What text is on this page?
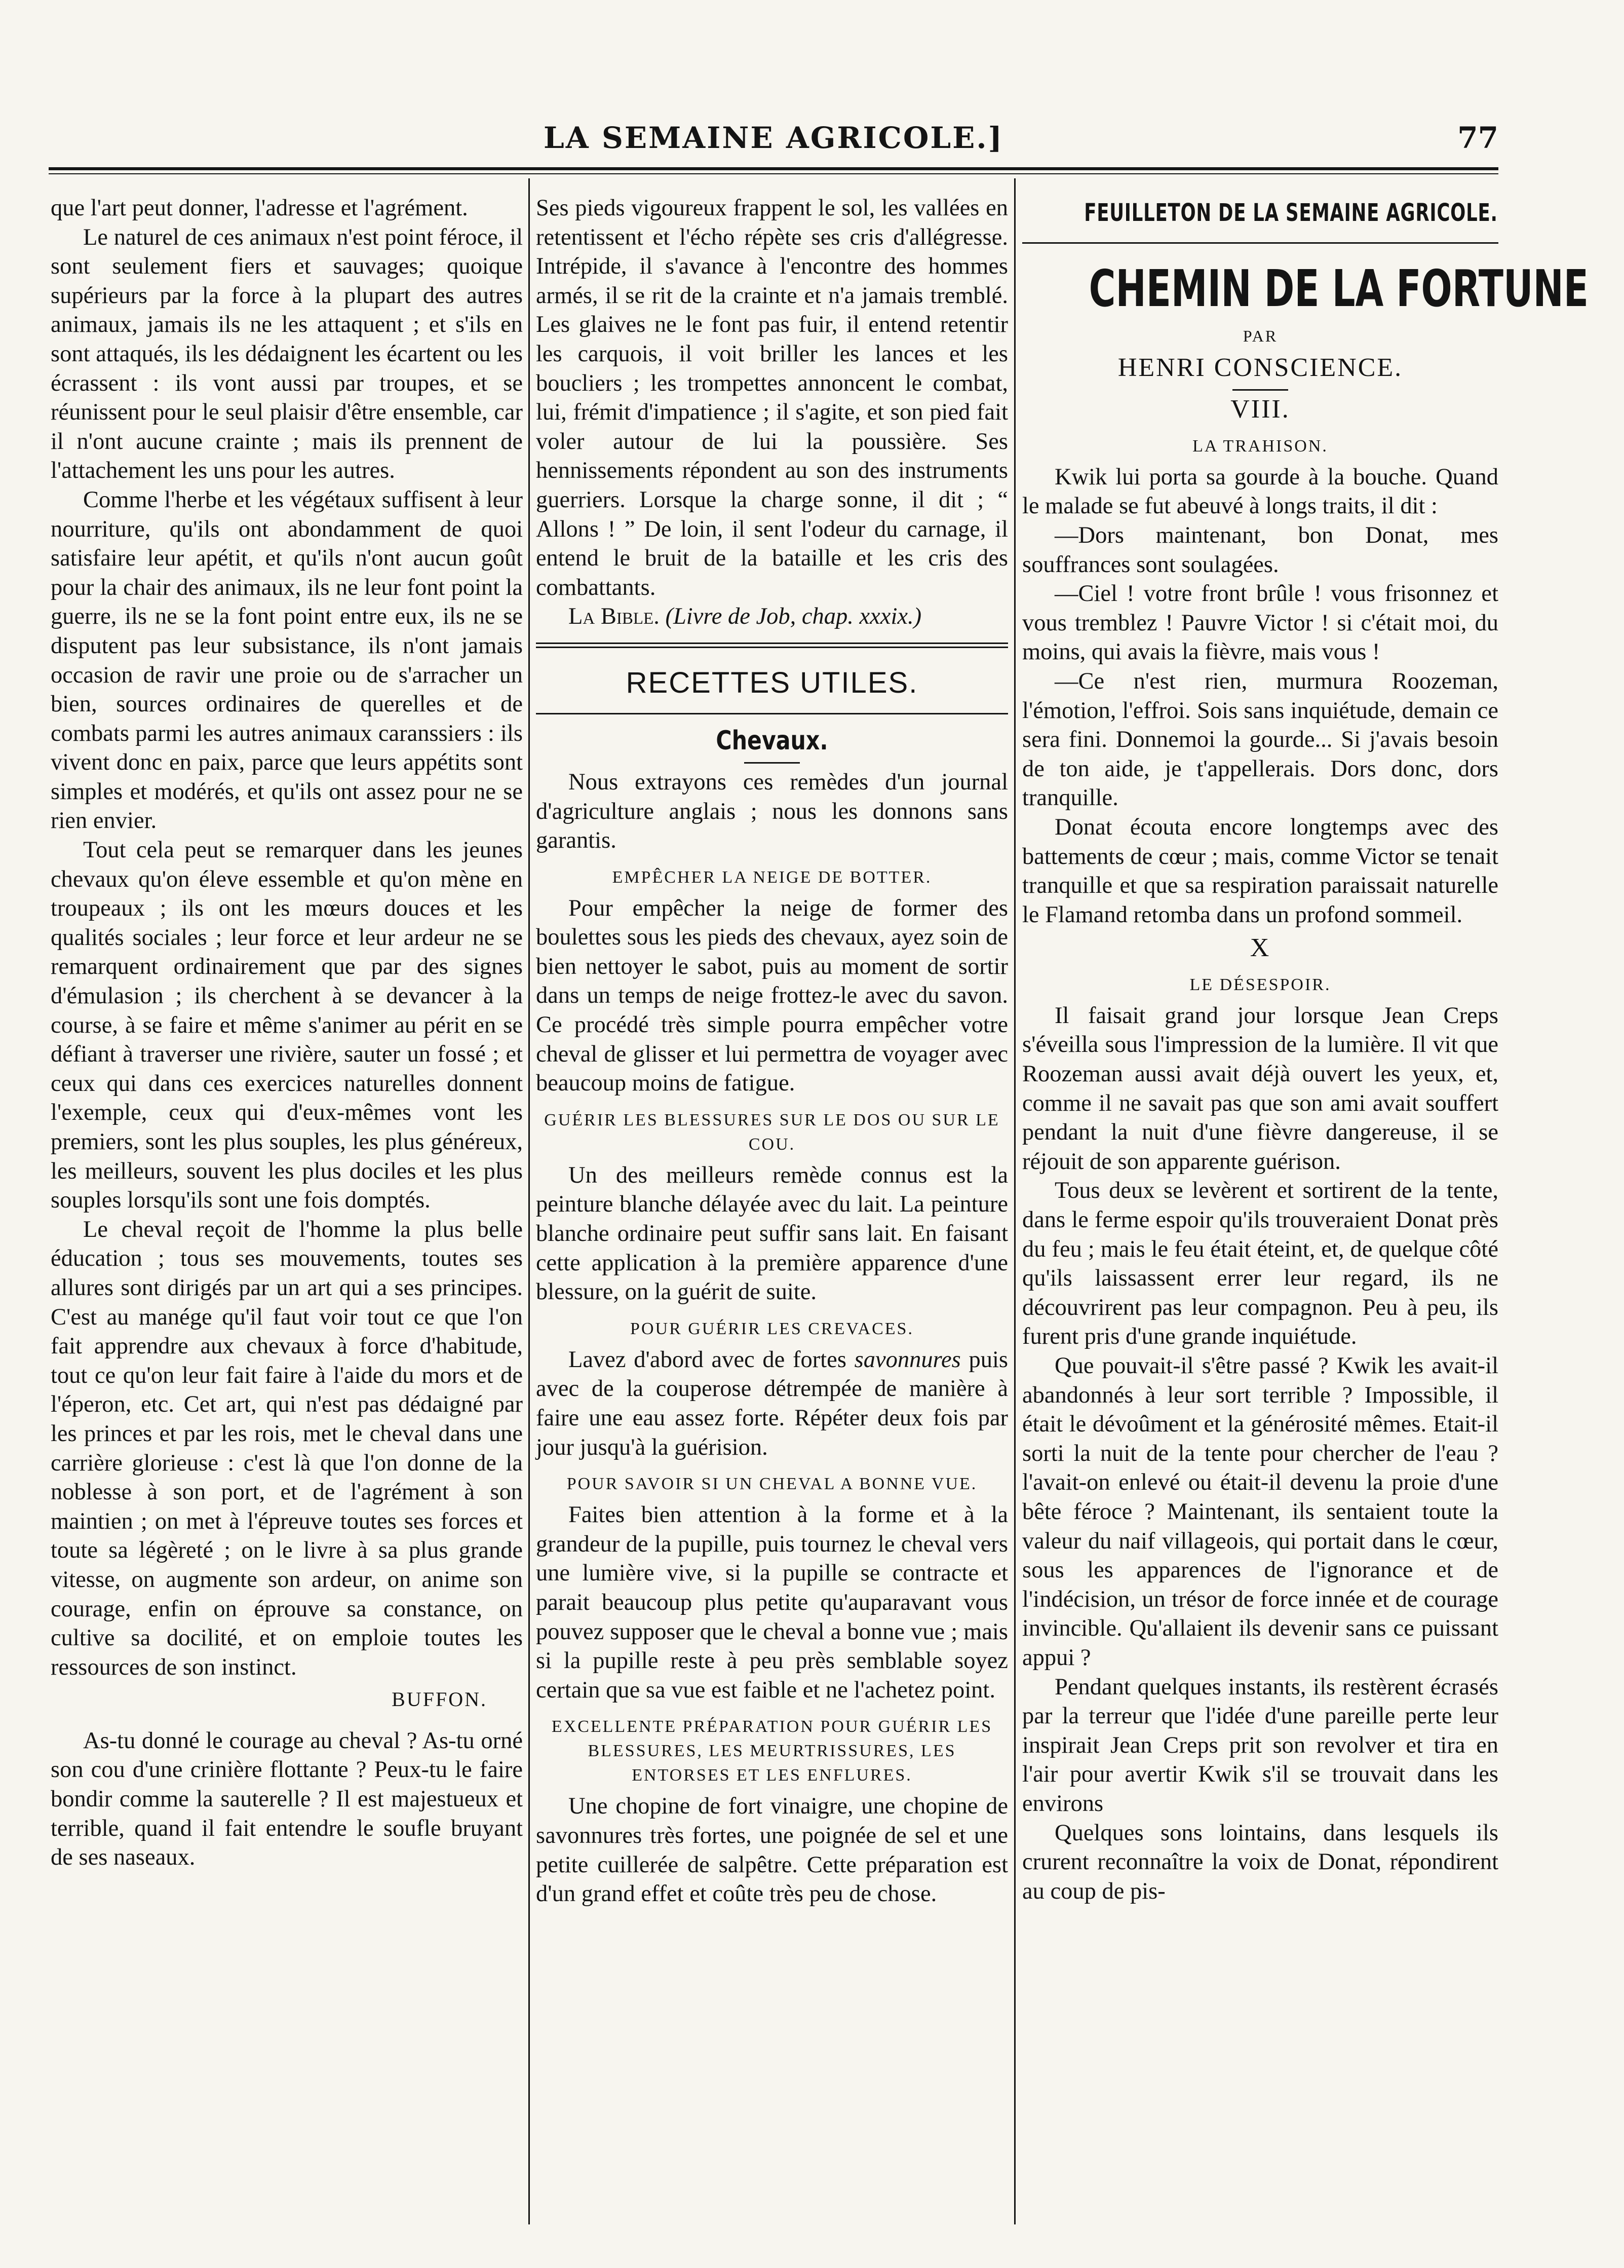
LA SEMAINE AGRICOLE.]	77

que l'art peut donner, l'adresse et l'agrément.

Le naturel de ces animaux n'est point féroce, il sont seulement fiers et sauvages; quoique supérieurs par la force à la plupart des autres animaux, jamais ils ne les attaquent ; et s'ils en sont attaqués, ils les dédaignent les écartent ou les écrassent : ils vont aussi par troupes, et se réunissent pour le seul plaisir d'être ensemble, car il n'ont aucune crainte ; mais ils prennent de l'attachement les uns pour les autres.

Comme l'herbe et les végétaux suffisent à leur nourriture, qu'ils ont abondamment de quoi satisfaire leur apétit, et qu'ils n'ont aucun goût pour la chair des animaux, ils ne leur font point la guerre, ils ne se la font point entre eux, ils ne se disputent pas leur subsistance, ils n'ont jamais occasion de ravir une proie ou de s'arracher un bien, sources ordinaires de querelles et de combats parmi les autres animaux caranssiers : ils vivent donc en paix, parce que leurs appétits sont simples et modérés, et qu'ils ont assez pour ne se rien envier.

Tout cela peut se remarquer dans les jeunes chevaux qu'on éleve essemble et qu'on mène en troupeaux ; ils ont les mœurs douces et les qualités sociales ; leur force et leur ardeur ne se remarquent ordinairement que par des signes d'émulasion ; ils cherchent à se devancer à la course, à se faire et même s'animer au périt en se défiant à traverser une rivière, sauter un fossé ; et ceux qui dans ces exercices naturelles donnent l'exemple, ceux qui d'eux-mêmes vont les premiers, sont les plus souples, les plus généreux, les meilleurs, souvent les plus dociles et les plus souples lorsqu'ils sont une fois domptés.

Le cheval reçoit de l'homme la plus belle éducation ; tous ses mouvements, toutes ses allures sont dirigés par un art qui a ses principes. C'est au manége qu'il faut voir tout ce que l'on fait apprendre aux chevaux à force d'habitude, tout ce qu'on leur fait faire à l'aide du mors et de l'éperon, etc. Cet art, qui n'est pas dédaigné par les princes et par les rois, met le cheval dans une carrière glorieuse : c'est là que l'on donne de la noblesse à son port, et de l'agrément à son maintien ; on met à l'épreuve toutes ses forces et toute sa légèreté ; on le livre à sa plus grande vitesse, on augmente son ardeur, on anime son courage, enfin on éprouve sa constance, on cultive sa docilité, et on emploie toutes les ressources de son instinct.

BUFFON.

As-tu donné le courage au cheval ? As-tu orné son cou d'une crinière flottante ? Peux-tu le faire bondir comme la sauterelle ? Il est majestueux et terrible, quand il fait entendre le soufle bruyant de ses naseaux.

Ses pieds vigoureux frappent le sol, les vallées en retentissent et l'écho répète ses cris d'allégresse. Intrépide, il s'avance à l'encontre des hommes armés, il se rit de la crainte et n'a jamais tremblé. Les glaives ne le font pas fuir, il entend retentir les carquois, il voit briller les lances et les boucliers ; les trompettes annoncent le combat, lui, frémit d'impatience ; il s'agite, et son pied fait voler autour de lui la poussière. Ses hennissements répondent au son des instruments guerriers. Lorsque la charge sonne, il dit ; “ Allons ! ” De loin, il sent l'odeur du carnage, il entend le bruit de la bataille et les cris des combattants.

La Bible. (Livre de Job, chap. xxxix.)

RECETTES UTILES.
Chevaux.

Nous extrayons ces remèdes d'un journal d'agriculture anglais ; nous les donnons sans garantis.

EMPÊCHER LA NEIGE DE BOTTER.

Pour empêcher la neige de former des boulettes sous les pieds des chevaux, ayez soin de bien nettoyer le sabot, puis au moment de sortir dans un temps de neige frottez-le avec du savon. Ce procédé très simple pourra empêcher votre cheval de glisser et lui permettra de voyager avec beaucoup moins de fatigue.

GUÉRIR LES BLESSURES SUR LE DOS OU SUR LE COU.

Un des meilleurs remède connus est la peinture blanche délayée avec du lait. La peinture blanche ordinaire peut suffir sans lait. En faisant cette application à la première apparence d'une blessure, on la guérit de suite.

POUR GUÉRIR LES CREVACES.

Lavez d'abord avec de fortes savonnures puis avec de la couperose détrempée de manière à faire une eau assez forte. Répéter deux fois par jour jusqu'à la guérision.

POUR SAVOIR SI UN CHEVAL A BONNE VUE.

Faites bien attention à la forme et à la grandeur de la pupille, puis tournez le cheval vers une lumière vive, si la pupille se contracte et parait beaucoup plus petite qu'auparavant vous pouvez supposer que le cheval a bonne vue ; mais si la pupille reste à peu près semblable soyez certain que sa vue est faible et ne l'achetez point.

EXCELLENTE PRÉPARATION POUR GUÉRIR LES BLESSURES, LES MEURTRISSURES, LES ENTORSES ET LES ENFLURES.

Une chopine de fort vinaigre, une chopine de savonnures très fortes, une poignée de sel et une petite cuillerée de salpêtre. Cette préparation est d'un grand effet et coûte très peu de chose.

FEUILLETON DE LA SEMAINE AGRICOLE.
CHEMIN DE LA FORTUNE
PAR
HENRI CONSCIENCE.
VIII.
LA TRAHISON.

Kwik lui porta sa gourde à la bouche. Quand le malade se fut abeuvé à longs traits, il dit :

—Dors maintenant, bon Donat, mes souffrances sont soulagées.

—Ciel ! votre front brûle ! vous frisonnez et vous tremblez ! Pauvre Victor ! si c'était moi, du moins, qui avais la fièvre, mais vous !

—Ce n'est rien, murmura Roozeman, l'émotion, l'effroi. Sois sans inquiétude, demain ce sera fini. Donnemoi la gourde... Si j'avais besoin de ton aide, je t'appellerais. Dors donc, dors tranquille.

Donat écouta encore longtemps avec des battements de cœur ; mais, comme Victor se tenait tranquille et que sa respiration paraissait naturelle le Flamand retomba dans un profond sommeil.

X
LE DÉSESPOIR.

Il faisait grand jour lorsque Jean Creps s'éveilla sous l'impression de la lumière. Il vit que Roozeman aussi avait déjà ouvert les yeux, et, comme il ne savait pas que son ami avait souffert pendant la nuit d'une fièvre dangereuse, il se réjouit de son apparente guérison.

Tous deux se levèrent et sortirent de la tente, dans le ferme espoir qu'ils trouveraient Donat près du feu ; mais le feu était éteint, et, de quelque côté qu'ils laissassent errer leur regard, ils ne découvrirent pas leur compagnon. Peu à peu, ils furent pris d'une grande inquiétude.

Que pouvait-il s'être passé ? Kwik les avait-il abandonnés à leur sort terrible ? Impossible, il était le dévoûment et la générosité mêmes. Etait-il sorti la nuit de la tente pour chercher de l'eau ? l'avait-on enlevé ou était-il devenu la proie d'une bête féroce ? Maintenant, ils sentaient toute la valeur du naif villageois, qui portait dans le cœur, sous les apparences de l'ignorance et de l'indécision, un trésor de force innée et de courage invincible. Qu'allaient ils devenir sans ce puissant appui ?

Pendant quelques instants, ils restèrent écrasés par la terreur que l'idée d'une pareille perte leur inspirait Jean Creps prit son revolver et tira en l'air pour avertir Kwik s'il se trouvait dans les environs

Quelques sons lointains, dans lesquels ils crurent reconnaître la voix de Donat, répondirent au coup de pis-
